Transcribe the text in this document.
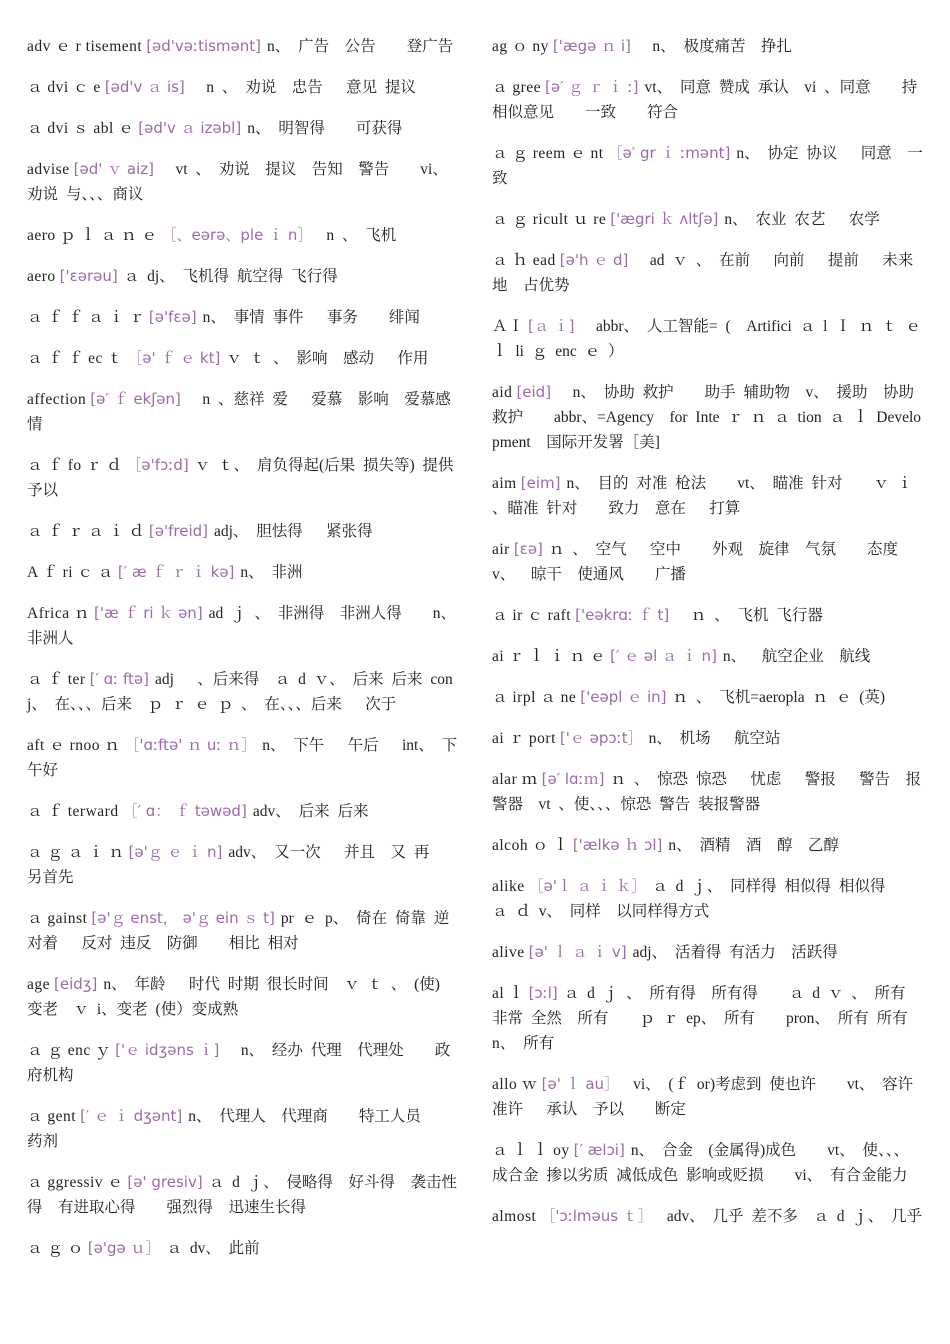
adv ｅ r tisement [əd'vəːtismənt] n、 广告　公告　　登广告
ａ dvi ｃ e [əd'v ａ is]　n 、 劝说　忠告　 意见 提议
ａ dvi ｓ abl ｅ [əd'v ａ izəbl] n、 明智得　　可获得
advise [əd' ｖ aiz]　vt 、 劝说　提议　告知　警告　　vi、劝说 与、、、商议
aero ｐ ｌ ａ ｎ ｅ ［、eərə、ple ｉ n］　n 、　飞机
aero ['ɛərəu] ａ dj、 飞机得 航空得 飞行得
ａ ｆ ｆ ａ ｉ ｒ [ə'fɛə] n、　事情 事件　 事务　　绯闻
ａ ｆ ｆ ec ｔ ［ə' ｆ ｅ kt] ｖ ｔ 、 影响　感动　 作用
affection [ə′ ｆ ekʃən]　n 、慈祥 爱　 爱慕　影响　爱慕感情
ａ ｆ fo ｒ ｄ ［ə'fɔːd] ｖ ｔ、 肩负得起(后果 损失等) 提供 予以
ａ ｆ ｒ ａ ｉ ｄ [ə'freid] adj、 胆怯得　 紧张得
A ｆ ri ｃ ａ [′ æ ｆ ｒ ｉ kə] n、 非洲
Africa ｎ ['æ ｆ ri ｋ ən] ad ｊ 、　非洲得　非洲人得　　n、非洲人
ａ ｆ ter [′ ɑː ftə] adj　 、后来得　ａ d ｖ、 后来 后来 conj、　在、、、后来　ｐ ｒ ｅ ｐ 、 在、、、后来　 次于
aft ｅ rnoo ｎ ［'ɑːftə' ｎ uː ｎ］ n、　下午　 午后　 int、　下午好
ａ ｆ terward ［′ ɑ： ｆ təwəd] adv、 后来 后来
ａ ｇ ａ ｉ ｎ [ə'ｇ ｅ ｉ n] adv、 又一次　 并且　又 再　　另首先
ａ gainst [ə'ｇ enst， ə'ｇ ein ｓ t] pr ｅ p、 倚在 倚靠 逆 对着　 反对 违反　防御　　相比 相对
age [eidʒ] n、 年龄　 时代 时期 很长时间　ｖ ｔ 、　(使) 变老　ｖ i、变老 (使）变成熟
ａ ｇ enc ｙ ['ｅ idʒəns ｉ]　n、　经办 代理　代理处　　政府机构
ａ gent [′ ｅ ｉ dʒənt] n、 代理人　代理商　　特工人员　　药剂
ａ ggressiv ｅ [ə' gresiv] ａ d ｊ、　侵略得　好斗得　袭击性得　有进取心得　　强烈得　迅速生长得
ａ ｇ ｏ [ə'gə ｕ］ ａ dv、　此前
ag ｏ ny ['ægə ｎ i]　n、 极度痛苦　挣扎
ａ gree [ə′ ｇ ｒ ｉ ː] vt、 同意 赞成 承认　vi 、同意　　持相似意见　　一致　　符合
ａ ｇ reem ｅ nt ［ə′ gr ｉ ːmənt] n、 协定 协议　 同意　一致
ａ ｇ ricult ｕ re ['ægri ｋ ʌltʃə] n、 农业 农艺　 农学
ａ ｈ ead [ə'h ｅ d]　ad ｖ 、 在前　 向前　 提前　 未来地　占优势
ＡＩ [ａ ｉ]　abbr、 人工智能= (　Artifici ａ l Ｉ ｎ ｔ ｅ ｌ li ｇ enc ｅ ）
aid [eid]　n、 协助 救护　　助手 辅助物　v、　援助　协助　救护　　abbr、=Agency　for Inte ｒ ｎ ａ tion ａ ｌ Development　国际开发署［美]
aim [eim] n、　目的 对准 枪法　　vt、 瞄准 针对　　ｖ ｉ 、瞄准 针对　　致力　意在　 打算
air [ɛə] ｎ 、 空气　 空中　　外观　旋律　气氛　　态度　v、　 晾干　使通风　　广播
ａ ir ｃ raft ['eəkrɑː ｆ t]　ｎ 、 飞机 飞行器
ai ｒ ｌ ｉ ｎ ｅ [′ ｅ əl ａ ｉ n] n、　 航空企业　航线
ａ irpl ａ ne ['eəpl ｅ in] ｎ 、 飞机=aeropla ｎ ｅ (英)
ai ｒ port ['ｅ əpɔːt］ n、　机场　 航空站
alar ｍ [ə′ lɑːｍ] ｎ 、　惊恐 惊恐　 忧虑　 警报　 警告　报警器　vt 、使、、、惊恐 警告 装报警器
alcoh ｏ ｌ ['ælkə ｈ ɔl] n、 酒精　酒　醇　乙醇
alike ［ə'ｌ ａ ｉ ｋ］ ａ d ｊ、 同样得 相似得 相似得　　ａ ｄ v、　同样　以同样得方式
alive [ə' ｌ ａ ｉ v] adj、　活着得 有活力　活跃得
al ｌ [ɔːl] ａ d ｊ 、　所有得　所有得　　ａ d ｖ 、　所有　非常 全然　所有　　ｐ ｒ ep、　所有　　pron、 所有 所有　n、 所有
allo ｗ [ə' ｌ au］　vi、　(ｆ or)考虑到 使也许　　vt、　容许 准许　 承认　予以　　断定
ａ ｌ ｌ oy [′ ælɔi] n、　合金　(金属得)成色　　vt、　使、、、成合金 掺以劣质 减低成色 影响或贬损　　vi、 有合金能力
almost ［'ɔːlməus ｔ］　adv、　几乎 差不多　ａ d ｊ、　几乎
